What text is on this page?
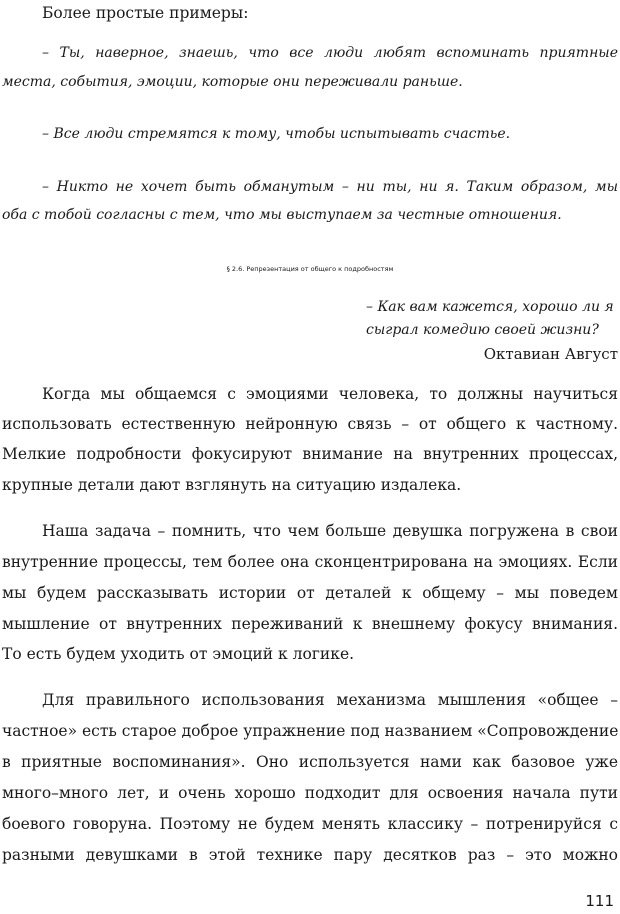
Более простые примеры:
– Ты, наверное, знаешь, что все люди любят вспоминать приятные
места, события, эмоции, которые они переживали раньше.
– Все люди стремятся к тому, чтобы испытывать счастье.
– Никто не хочет быть обманутым – ни ты, ни я. Таким образом, мы
оба с тобой согласны с тем, что мы выступаем за честные отношения.
§ 2.6. Репрезентация от общего к подробностям
– Как вам кажется, хорошо ли я
сыграл комедию своей жизни?
Октавиан Август
Когда мы общаемся с эмоциями человека, то должны научиться
использовать естественную нейронную связь – от общего к частному.
Мелкие подробности фокусируют внимание на внутренних процессах,
крупные детали дают взглянуть на ситуацию издалека.
Наша задача – помнить, что чем больше девушка погружена в свои
внутренние процессы, тем более она сконцентрирована на эмоциях. Если
мы будем рассказывать истории от деталей к общему – мы поведем
мышление от внутренних переживаний к внешнему фокусу внимания.
То есть будем уходить от эмоций к логике.
Для правильного использования механизма мышления «общее –
частное» есть старое доброе упражнение под названием «Сопровождение
в приятные воспоминания». Оно используется нами как базовое уже
много–много лет, и очень хорошо подходит для освоения начала пути
боевого говоруна. Поэтому не будем менять классику – потренируйся с
разными девушками в этой технике пару десятков раз – это можно
111
